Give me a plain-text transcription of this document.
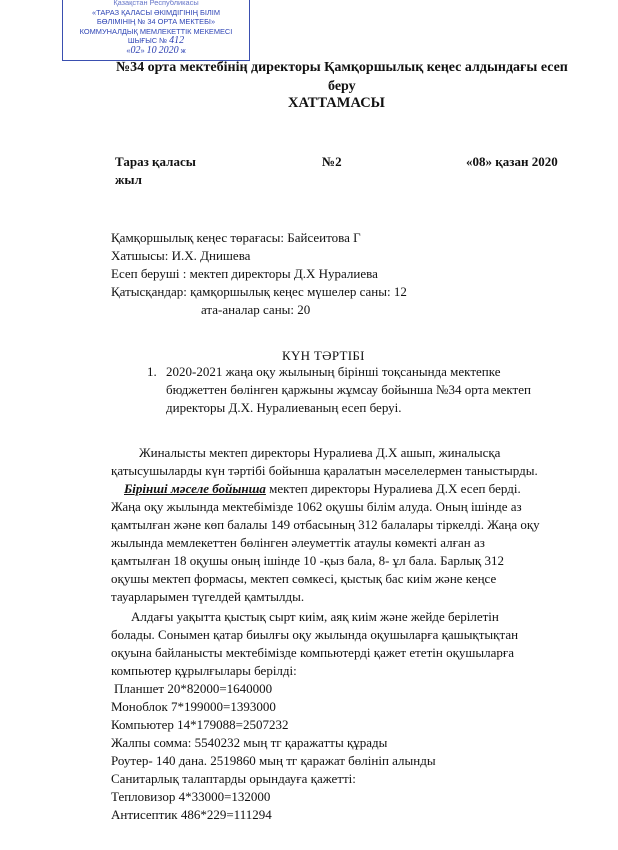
Қазақстан Республикасы
«ТАРАЗ ҚАЛАСЫ ӘКІМДІГІНІҢ БІЛІМ
БӨЛІМІНІҢ № 34 ОРТА МЕКТЕБІ»
КОММУНАЛДЫҚ МЕМЛЕКЕТТІК МЕКЕМЕСІ
ШЫҒЫС № 412
«02» 10 2020 ж
№34 орта мектебінің директоры Қамқоршылық кеңес алдындағы есеп
беру
ХАТТАМАСЫ
Тараз қаласы	№2	«08» қазан 2020
жыл
Қамқоршылық кеңес төрағасы: Байсеитова Г
Хатшысы: И.Х. Днишева
Есеп беруші : мектеп директоры Д.Х Нуралиева
Қатысқандар: қамқоршылық кеңес мүшелер саны: 12
ата-аналар саны: 20
КҮН ТӘРТІБІ
1. 2020-2021 жаңа оқу жылының бірінші тоқсанында мектепке
бюджеттен бөлінген қаржыны жұмсау бойынша №34 орта мектеп
директоры Д.Х. Нуралиеваның есеп беруі.
Жиналысты мектеп директоры Нуралиева Д.Х ашып, жиналысқа
қатысушыларды күн тәртібі бойынша қаралатын мәселелермен таныстырды.
Бірінші мәселе бойынша мектеп директоры Нуралиева Д.Х есеп берді.
Жаңа оқу жылында мектебімізде 1062 оқушы білім алуда. Оның ішінде аз
қамтылған және көп балалы 149 отбасының 312 балалары тіркелді. Жаңа оқу
жылында мемлекеттен бөлінген әлеуметтік атаулы көмекті алған аз
қамтылған 18 оқушы оның ішінде 10 -қыз бала, 8- ұл бала. Барлық 312
оқушы мектеп формасы, мектеп сөмкесі, қыстық бас киім және кеңсе
тауарларымен түгелдей қамтылды.
Алдағы уақытта қыстық сырт киім, аяқ киім және жейде берілетін
болады. Сонымен қатар биылғы оқу жылында оқушыларға қашықтықтан
оқуына байланысты мектебімізде компьютерді қажет ететін оқушыларға
компьютер құрылғылары берілді:
Планшет 20*82000=1640000
Моноблок 7*199000=1393000
Компьютер 14*179088=2507232
Жалпы сомма: 5540232 мың тг қаражатты құрады
Роутер- 140 дана. 2519860 мың тг қаражат бөлініп алынды
Санитарлық талаптарды орындауға қажетті:
Тепловизор 4*33000=132000
Антисептик 486*229=111294
